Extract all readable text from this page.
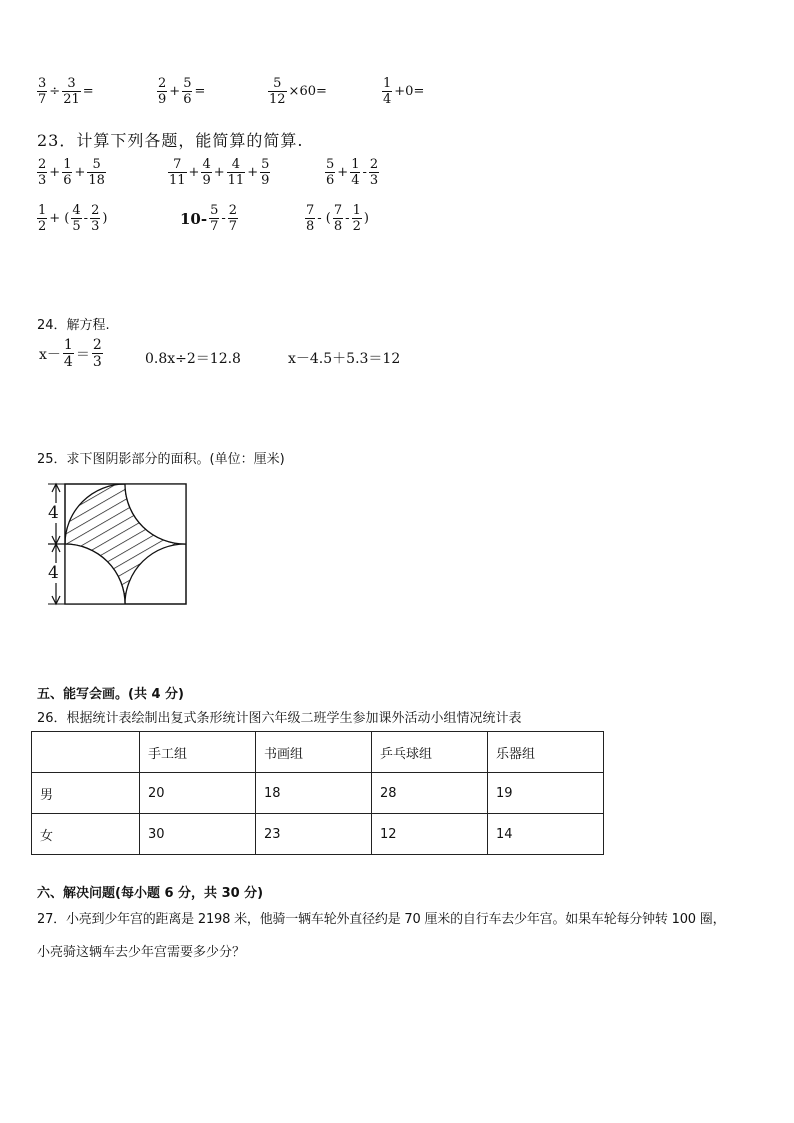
$\frac{3}{7} \div \frac{3}{21}$ =	$\frac{2}{9} + \frac{5}{6}$ =	$\frac{5}{12} \times 60=$	$\frac{1}{4} +0=$
23．计算下列各题，能简算的简算.
$\frac{2}{3} + \frac{1}{6} + \frac{5}{18}$	$\frac{7}{11} + \frac{4}{9} + \frac{4}{11} + \frac{5}{9}$	$\frac{5}{6} + \frac{1}{4} - \frac{2}{3}$
$\frac{1}{2}$ + ( $\frac{4}{5} - \frac{2}{3}$ )	$10- \frac{5}{7} - \frac{2}{7}$	$\frac{7}{8}$ - ( $\frac{7}{8} - \frac{1}{2}$ )
24．解方程.
$x- \frac{1}{4} = \frac{2}{3}$	0.8x÷2＝12.8	x－4.5＋5.3＝12
25．求下图阴影部分的面积。(单位：厘米)
4
4
五、能写会画。(共 4 分)
26．根据统计表绘制出复式条形统计图六年级二班学生参加课外活动小组情况统计表
	手工组	书画组	乒乓球组	乐器组
男	20	18	28	19
女	30	23	12	14
六、解决问题(每小题 6 分，共 30 分)
27．小亮到少年宫的距离是 2198 米，他骑一辆车轮外直径约是 70 厘米的自行车去少年宫。如果车轮每分钟转 100 圈，
小亮骑这辆车去少年宫需要多少分？
